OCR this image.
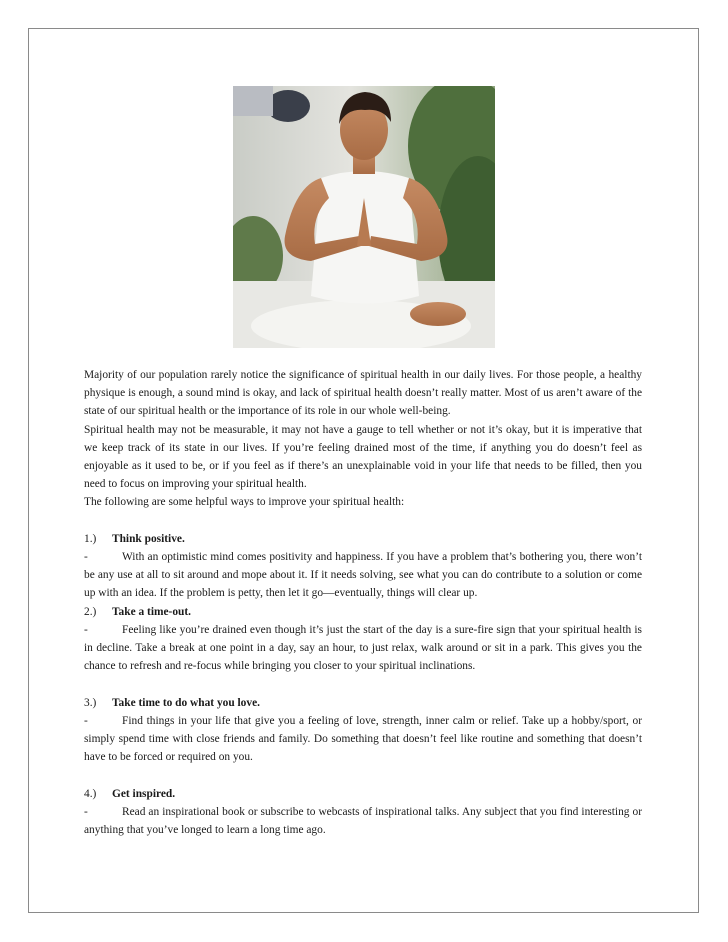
Majority of our population rarely notice the significance of spiritual health in our daily lives. For those people, a healthy physique is enough, a sound mind is okay, and lack of spiritual health doesn’t really matter. Most of us aren’t aware of the state of our spiritual health or the importance of its role in our whole well-being.

Spiritual health may not be measurable, it may not have a gauge to tell whether or not it’s okay, but it is imperative that we keep track of its state in our lives. If you’re feeling drained most of the time, if anything you do doesn’t feel as enjoyable as it used to be, or if you feel as if there’s an unexplainable void in your life that needs to be filled, then you need to focus on improving your spiritual health.

The following are some helpful ways to improve your spiritual health:

1.)	Think positive.

-	With an optimistic mind comes positivity and happiness. If you have a problem that’s bothering you, there won’t be any use at all to sit around and mope about it. If it needs solving, see what you can do contribute to a solution or come up with an idea. If the problem is petty, then let it go—eventually, things will clear up.

2.)	Take a time-out.

-	Feeling like you’re drained even though it’s just the start of the day is a sure-fire sign that your spiritual health is in decline. Take a break at one point in a day, say an hour, to just relax, walk around or sit in a park. This gives you the chance to refresh and re-focus while bringing you closer to your spiritual inclinations.

3.)	Take time to do what you love.

-	Find things in your life that give you a feeling of love, strength, inner calm or relief. Take up a hobby/sport, or simply spend time with close friends and family. Do something that doesn’t feel like routine and something that doesn’t have to be forced or required on you.

4.)	Get inspired.

-	Read an inspirational book or subscribe to webcasts of inspirational talks. Any subject that you find interesting or anything that you’ve longed to learn a long time ago.
